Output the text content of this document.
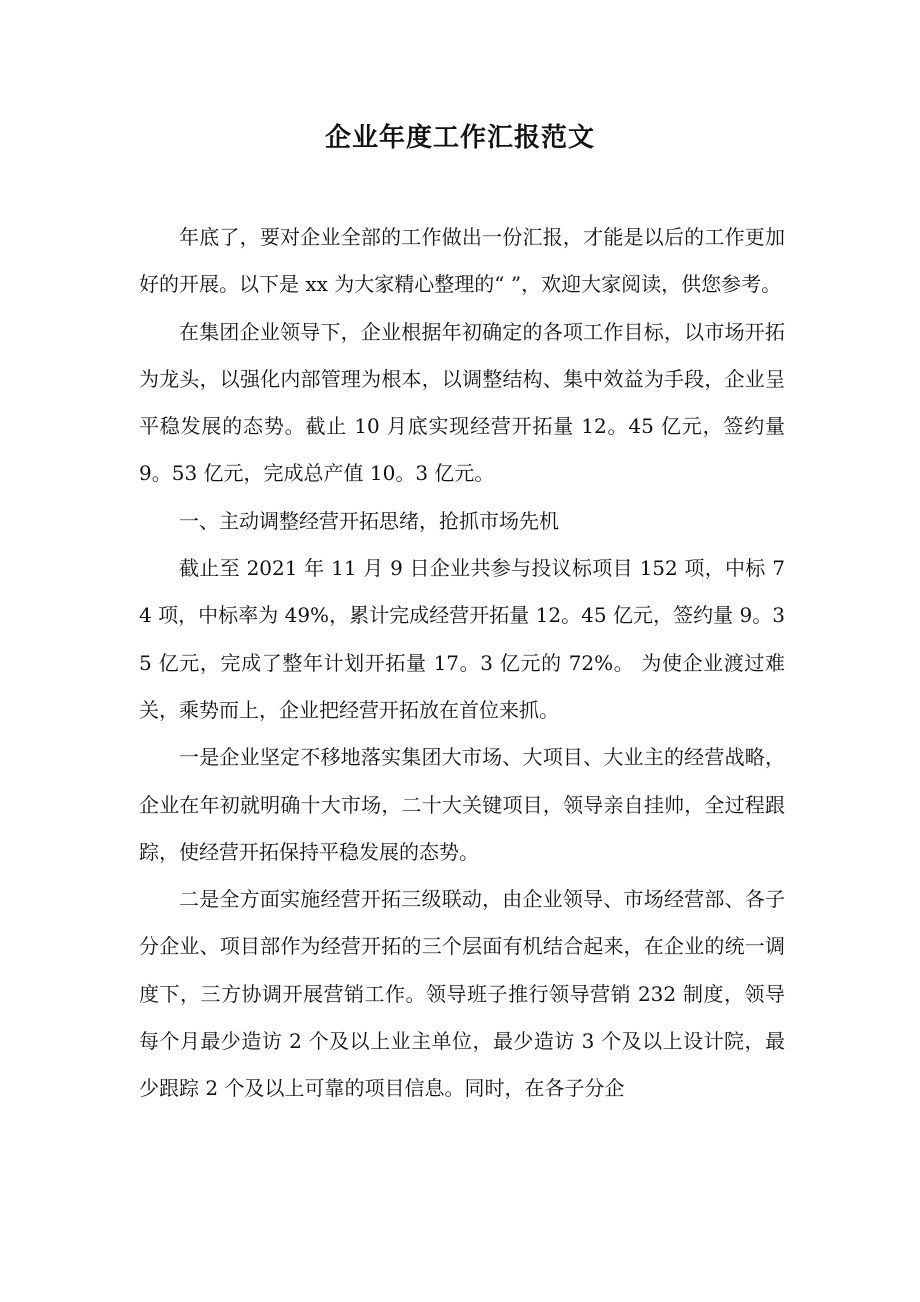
企业年度工作汇报范文

年底了，要对企业全部的工作做出一份汇报，才能是以后的工作更加好的开展。以下是 xx 为大家精心整理的“ ”，欢迎大家阅读，供您参考。

在集团企业领导下，企业根据年初确定的各项工作目标，以市场开拓为龙头，以强化内部管理为根本，以调整结构、集中效益为手段，企业呈平稳发展的态势。截止 10 月底实现经营开拓量 12。45 亿元，签约量 9。53 亿元，完成总产值 10。3 亿元。

一、主动调整经营开拓思绪，抢抓市场先机

截止至 2021 年 11 月 9 日企业共参与投议标项目 152 项，中标 74 项，中标率为 49%，累计完成经营开拓量 12。45 亿元，签约量 9。35 亿元，完成了整年计划开拓量 17。3 亿元的 72%。 为使企业渡过难关，乘势而上，企业把经营开拓放在首位来抓。

一是企业坚定不移地落实集团大市场、大项目、大业主的经营战略，企业在年初就明确十大市场，二十大关键项目，领导亲自挂帅，全过程跟踪，使经营开拓保持平稳发展的态势。

二是全方面实施经营开拓三级联动，由企业领导、市场经营部、各子分企业、项目部作为经营开拓的三个层面有机结合起来，在企业的统一调度下，三方协调开展营销工作。领导班子推行领导营销 232 制度，领导每个月最少造访 2 个及以上业主单位，最少造访 3 个及以上设计院，最少跟踪 2 个及以上可靠的项目信息。同时，在各子分企
